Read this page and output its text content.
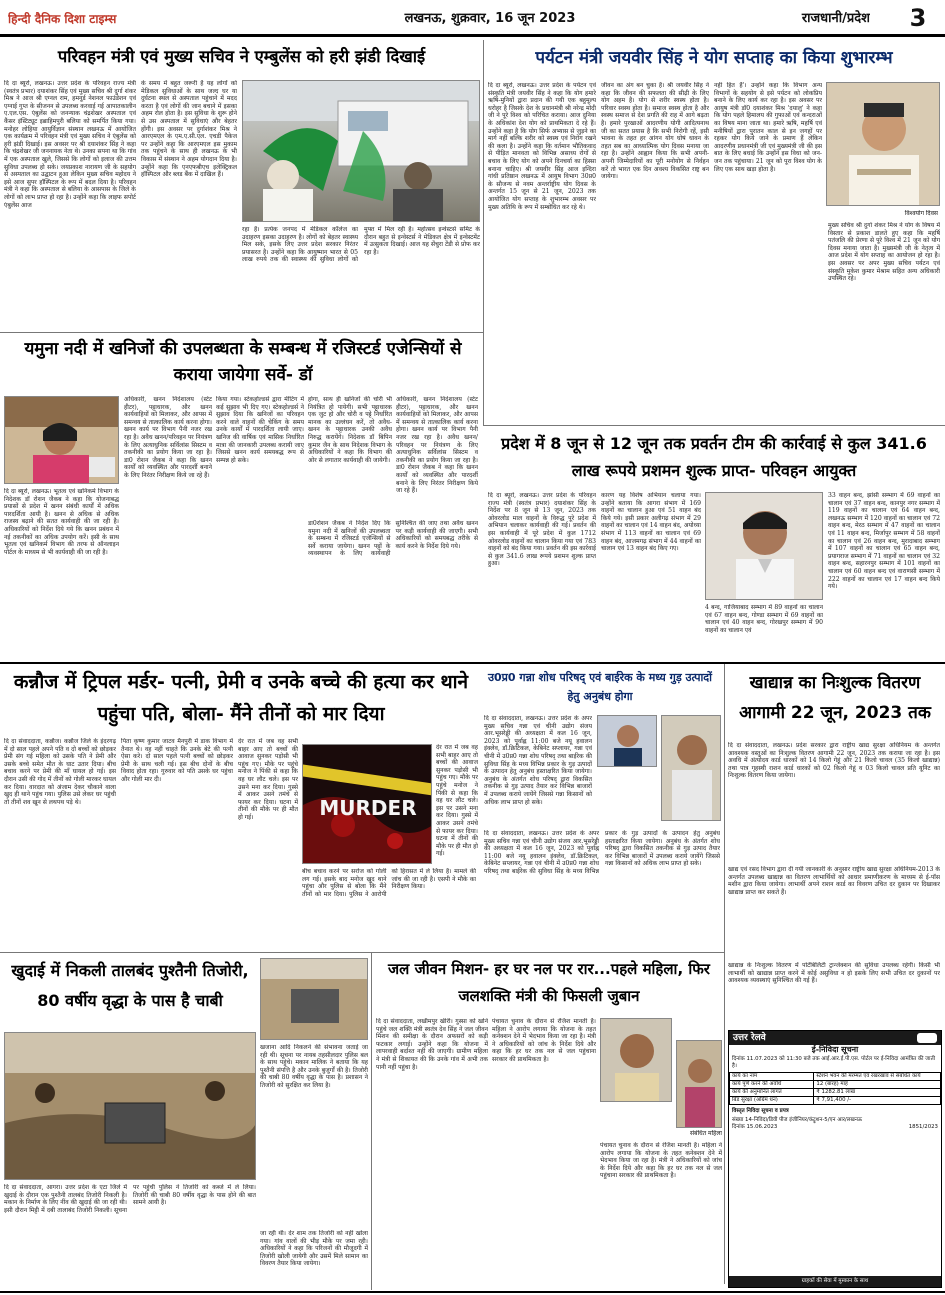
हिन्दी दैनिक दिशा टाइम्स	लखनऊ, शुक्रवार, 16 जून 2023	राजधानी/प्रदेश	3
परिवहन मंत्री एवं मुख्य सचिव ने एम्बुलेंस को हरी झंडी दिखाई
दि दा ब्यूरो, लखनऊ। उत्तर प्रदेश के परिवहन राज्य मंत्री (स्वतंत्र प्रभार) दयाशंकर सिंह एवं मुख्य सचिव श्री दुर्गा शंकर मिश्र ने आज श्री एग्नल राम, हमनूर्ड नेशनल फाउंडेशन एवं एग्नाई गुप्त के सीजनन से उपलब्ध करवाई गई आपातकालीन ए.एल.एस. एंबुलेंस को जनन्याक चंद्रशेखर अस्पताल एवं कैंसर इंस्टिट्यूट इब्राहिमपुरी बलिया को समर्पित किया गया। मनोहर लोहिया आयुर्विज्ञान संस्थान लखनऊ में आयोजित एक कार्यक्रम में परिवहन मंत्री एवं मुख्य सचिव ने एंबुलेंस को हरी झंडी दिखाई। इस अवसर पर श्री दयाशंकर सिंह ने कहा कि चंद्रशेखर जी जननायक नेता थे। उनका सपना था कि गांव में एक अस्पताल खुले, जिससे कि लोगों को इलाज की उत्तम सुविधा उपलब्ध हो सके। जयप्रकाश नारायण जी के सहयोग से अस्पताल का उद्घाटन हुआ लेकिन मुख्य सचिव महोदय ने इसे आज सुपर हॉस्पिटल के रूप में बदल दिया है। परिवहन मंत्री ने कहा कि अस्पताल से बलिया के आसपास के जिले के लोगों को लाभ प्राप्त हो रहा है। उन्होंने कहा कि लाइफ सपोर्ट एंबुलेंस आज
के समय में बहुत जरूरी है यह लोगों को मेडिकल सुविधाओं के साथ जल्द घर या दुर्घटना स्थल से अस्पताल पहुंचाने में मदद करता है एवं लोगों की जान बचाने में इसका अहम रोल होता है। इस सुविधा के शुरू होने से उस अस्पताल में सुविधाएं और बेहतर होंगी। इस अवसर पर दुर्गाशंकर मिश्र ने आरएमएल के एम.ए.सी.एल. एचडी पैकेज पर उन्होंने कहा कि आरएमएल इस मुकाम तक पहुंचने के साथ ही लखनऊ के भी विकास में संस्थान ने अहम योगदान दिया है। उन्होंने कहा कि एनएफबीएच इलेक्ट्रिकल हॉस्पिटल और ब्लड बैंक में दाखिल हैं।
रहा है। प्रत्येक जनपद में मेडिकल कॉलेज का उदाहरण इसका उदाहरण है। लोगों को बेहतर स्वास्थ्य मिल सके, इसके लिए उत्तर प्रदेश सरकार निरंतर प्रयासरत है। उन्होंने कहा कि आयुष्मान भारत से 05 लाख रुपये तक की स्वास्थ्य की सुविधा लोगों को मुफ्त में मिल रही है। महोत्सव इन्वेस्टर्स समिट के दौरान बहुत से इन्वेस्टर्स ने मेडिकल क्षेत्र में इन्वेस्टमेंट में उत्सुकता दिखाई। आज यह सेंचुरा टेंडी से प्रोफ कर रहा है।
पर्यटन मंत्री जयवीर सिंह ने योग सप्ताह का किया शुभारम्भ
दि दा ब्यूरो, लखनऊ। उत्तर प्रदेश के पर्यटन एवं संस्कृति मंत्री जयवीर सिंह ने कहा कि योग हमारे ऋषि-मुनियों द्वारा प्रदान की गयी एक बहुमूल्य धरोहर है जिसके देश के प्रधानमंत्री श्री नरेन्द्र मोदी जी ने पूरे विश्व को परिचित कराया। आज दुनिया के अधिकांश देश योग को प्राथमिकता दे रहे हैं। उन्होंने कहा है कि योग सिर्फ अभ्यास से जुड़ने का मार्ग नहीं बल्कि शरीर को स्वस्थ एवं निरोग रखने की कला है। उन्होंने कहा कि वर्तमान भौतिकवाद से पीड़ित मानवता को विभिन्न असाध्य रोगों से बचाव के लिए योग को अपने दिनचर्या का हिस्सा बनाना चाहिए। श्री जयवीर सिंह आज इन्दिरा गांधी प्रतिष्ठान लखनऊ में आयुष विभाग 30प्र0 के सौजन्य से नवम अन्तर्राष्ट्रीय योग दिवस के अन्तर्गत 15 जून से 21 जून, 2023 तक आयोजित योग सप्ताह के शुभारम्भ अवसर पर मुख्य अतिथि के रूप में सम्बोधित कर रहे थे।
जीवन का अंग बन चुका है। श्री जयवीर सिंह ने कहा कि जीवन की सफलता की सीढ़ी के लिए योग अहम है। योग से शरीर स्वस्थ होता है। परिवार स्वस्थ होता है। समाज स्वस्थ होता है और स्वस्थ समाज से देश प्रगति की राह में आगे बढ़ता है। हमारे पुरखाओं आदरणीय योगी आदित्यनाथ जी का सतत प्रयास है कि सभी निरोगी रहें, इसी भावना के तहत हर आंगन योग घोषं धावन के तहत सब का आध्यात्मिक योग दिवस मनाया जा रहा है। उन्होंने आह्वान किया कि सभी अपनी-अपनी जिम्मेदारियों का पूरी मनोयोग से निर्वहन करें तो भारत एक दिन अवश्य विकसित राष्ट्र बन जायेगा।
नहीं हित हैं'। उन्होंने कहा कि विभाग अन्य विभागों के सहयोग से इसे पर्यटन को लोकप्रिय बनाने के लिए कार्य कर रहा है। इस अवसर पर आयुष मंत्री डॉ0 दयाशंकर मिश्र 'दयालु' ने कहा कि योग पहले हिमालय की गुफाओं एवं कन्दराओं का विषय माना जाता था। हमारे ऋषि, महर्षि एवं मनीषियों द्वारा पुरातन काल से इन जगहों पर रहकर योग किये जाने के प्रमाण हैं लेकिन आदरणीय प्रधानमंत्री जी एवं मुख्यमंत्री जी की इस बात के लिए बधाई कि उन्होंने इस विधा को जन-जन तक पहुंचाया। 21 जून को पूरा विश्व योग के लिए एक साथ खड़ा होता है।
विश्वयोग दिवस
मुख्य सचिव श्री दुर्गा शंकर मिश्र ने योग के विषय में विस्तार से प्रकाश डालते हुए कहा कि महर्षि पतंजलि की प्रेरणा से पूरे विश्व में 21 जून को योग दिवस मनाया जाता है। मुख्यमंत्री जी के नेतृत्व में आज प्रदेश में योग सप्ताह का आयोजन हो रहा है। इस अवसर पर अपर मुख्य सचिव पर्यटन एवं संस्कृति मुकेश कुमार मेश्राम सहित अन्य अधिकारी उपस्थित रहे।
यमुना नदी में खनिजों की उपलब्धता के सम्बन्ध में रजिस्टर्ड एजेन्सियों से कराया जायेगा सर्वे- डॉ
दि दा ब्यूरो, लखनऊ। भूतत्व एवं खनिकर्म विभाग के निदेशक डॉ रोशन जैकब ने कहा कि योजनाबद्ध प्रयासों से प्रदेश में खनन संबंधी कार्यों में अधिक पारदर्शिता आयी है। खनन से अधिक से अधिक राजस्व बढ़ाने की सतत कार्यवाही की जा रही है। अधिकारियों को निर्देश दिये गये कि खनन प्रबंधन में नई तकनीकों का अधिक उपयोग करें। इसी के साथ भूतत्व एवं खनिकर्म विभाग की तरफ से ऑनलाइन पोर्टल के माध्यम से भी कार्यवाही की जा रही है।
अधिकारी, खनन निदेशालय (स्टेट हीटर), पट्टाधारक, और खनन कार्यवाहियों को मिलाकर, और आपस में समन्वय से तात्कालिक कार्य करना होगा। खनन कार्य पर विभाग पैनी नजर रख रहा है। अवैध खनन/परिवहन पर नियंत्रण के लिए अत्याधुनिक सर्विलांस सिस्टम व तकनीकी का प्रयोग किया जा रहा है। डा0 रोशन जैकब ने कहा कि खनन कार्यों को व्यवस्थित और पारदर्शी बनाने के लिए निरंतर निरीक्षण किये जा रहे हैं।
किया गया। स्टेकहोल्डर्स द्वारा मीटिंग में कई सुझाव भी दिए गए। स्टेकहोल्डर्स ने सुझाव दिया कि खनिजों का परिवहन करने वाले वाहनों की चेकिंग के समय उनके कार्यों में पारदर्शिता लायी जाए। खनिज की वार्षिक एवं मासिक निर्धारित मात्रा की जानकारी उपलब्ध करायी जाए जिससे खनन कार्य समयबद्ध रूप से सम्पन्न हो सके।
होगा, साथ ही खनिजों की चोरी भी नियंत्रित हो पायेगी। सभी पट्टाधारक एक जुट हो और चोरी व पट्टे निर्धारित मानक का उल्लंघन करें, तो अवैध-खनन के पट्टाधारक उनकी अवैध निरुद्ध करायेंगे। निदेशक डॉ बिपिन कुमार जैन के साथ निदेशक विभाग के अधिकारियों ने कहा कि विभाग की ओर से लगातार कार्यवाही की जायेगी।
डा0रोशन जैकब ने निर्देश दिए कि यमुना नदी में खनिजों की उपलब्धता के सम्बन्ध में रजिस्टर्ड एजेन्सियों से सर्वे कराया जायेगा। खनन पट्टों के व्यवस्थापन के लिए कार्यवाही सुनिश्चित की जाए तथा अवैध खनन पर कड़ी कार्यवाही की जाएगी। सभी अधिकारियों को समयबद्ध तरीके से कार्य करने के निर्देश दिये गये।
अधिकारी, खनन निदेशालय (स्टेट हीटर), पट्टाधारक, और खनन कार्यवाहियों को मिलाकर, और आपस में समन्वय से तात्कालिक कार्य करना होगा। खनन कार्य पर विभाग पैनी नजर रख रहा है। अवैध खनन/परिवहन पर नियंत्रण के लिए अत्याधुनिक सर्विलांस सिस्टम व तकनीकी का प्रयोग किया जा रहा है। डा0 रोशन जैकब ने कहा कि खनन कार्यों को व्यवस्थित और पारदर्शी बनाने के लिए निरंतर निरीक्षण किये जा रहे हैं।
प्रदेश में 8 जून से 12 जून तक प्रवर्तन टीम की कार्रवाई से कुल 341.6 लाख रूपये प्रशमन शुल्क प्राप्त- परिवहन आयुक्त
दि दा ब्यूरो, लखनऊ। उत्तर प्रदेश के परिवहन राज्य मंत्री (स्वतंत्र प्रभार) दयाशंकर सिंह के निर्देश पर 8 जून से 13 जून, 2023 तक ओवरलोड माल वाहनों के विरुद्ध पूरे प्रदेश में अभियान चलाकर कार्यवाही की गई। प्रवर्तन की इस कार्यवाही में पूरे प्रदेश में कुल 1712 ओवरलोड वाहनों का चालान किया गया एवं 783 वाहनों को बंद किया गया। प्रवर्तन की इस कार्रवाई से कुल 341.6 लाख रूपये प्रशमन शुल्क प्राप्त हुआ।
कारण यह विशेष अभियान चलाया गया। उन्होंने बताया कि आगरा संभाग में 169 वाहनों का चालान हुआ एवं 51 वाहन बंद किये गये। इसी प्रकार अलीगढ़ संभाग में 29 वाहनों का चालान एवं 14 वाहन बंद, अयोध्या संभाग में 113 वाहनों का चालान एवं 69 वाहन बंद, आजमगढ़ संभाग में 44 वाहनों का चालान एवं 13 वाहन बंद किए गए।
4 बन्द, गाजियाबाद सम्भाग में 89 वाहनों का चालान एवं 67 वाहन बन्द, गोण्डा सम्भाग में 69 वाहनों का चालान एवं 40 वाहन बन्द, गोरखपुर सम्भाग में 90 वाहनों का चालान एवं
33 वाहन बन्द, झांसी सम्भाग में 69 वाहनों का चालान एवं 37 वाहन बन्द, कानपुर नगर सम्भाग में 119 वाहनों का चालान एवं 64 वाहन बन्द, लखनऊ सम्भाग में 120 वाहनों का चालान एवं 72 वाहन बन्द, मेरठ सम्भाग में 47 वाहनों का चालान एवं 11 वाहन बन्द, मिर्जापुर सम्भाग में 58 वाहनों का चालान एवं 26 वाहन बन्द, मुरादाबाद सम्भाग में 107 वाहनों का चालान एवं 65 वाहन बन्द, प्रयागराज सम्भाग में 71 वाहनों का चालान एवं 32 वाहन बन्द, सहारनपुर सम्भाग में 101 वाहनों का चालान एवं 60 वाहन बन्द एवं वाराणसी सम्भाग में 222 वाहनों का चालान एवं 17 वाहन बन्द किये गये।
कन्नौज में ट्रिपल मर्डर- पत्नी, प्रेमी व उनके बच्चे की हत्या कर थाने पहुंचा पति, बोला- मैंने तीनों को मार दिया
दि दा संवाददाता, कन्नौज। कन्नौज जिले के इंदरगढ़ में दो साल पहले अपने पति व दो बच्चों को छोड़कर प्रेमी संग गई महिला को उसके पति ने प्रेमी और उसके बच्चे समेत मौत के घाट उतार दिया। बीच बचाव करने पर प्रेमी की माँ घायल हो गई। इस दौरान उसी की गोद में तीनों को गोली मारकर घायल कर दिया। वारदात को अंजाम देकर चौकाने वाला खुद ही थाने पहुंच गया। पुलिस उसे लेकर घर पहुंची तो तीनों शव खून से लथपथ पड़े थे।
पिता कृष्ण कुमार जाटव मैनपुरी में डाक विभाग में तैनात थे। वह नहीं चाहते कि उनके बेटे की पत्नी ऐसा करे। दो साल पहले पत्नी बच्चों को छोड़कर प्रेमी के साथ चली गई। इस बीच दोनों के बीच विवाद होता रहा। गुरुवार को पति उसके घर पहुंचा और गोली मार दी।
देर रात में जब वह सभी बाहर आए तो बच्चों की आवाज सुनकर पड़ोसी भी पहुंच गए। मौके पर पहुंचे मनोज ने पिंकी से कहा कि वह घर लौट चले। इस पर उसने मना कर दिया। गुस्से में आकर उसने तमंचे से फायर कर दिया। घटना में तीनों की मौके पर ही मौत हो गई।	MURDER
बीच बचाव करने पर सरोज को गोली लग गई। इसके बाद मनोज खुद थाने पहुंचा और पुलिस से बोला कि मैंने तीनों को मार दिया। पुलिस ने आरोपी को हिरासत में ले लिया है। मामले की जांच की जा रही है। एसपी ने मौके का निरीक्षण किया।
देर रात में जब वह सभी बाहर आए तो बच्चों की आवाज सुनकर पड़ोसी भी पहुंच गए। मौके पर पहुंचे मनोज ने पिंकी से कहा कि वह घर लौट चले। इस पर उसने मना कर दिया। गुस्से में आकर उसने तमंचे से फायर कर दिया। घटना में तीनों की मौके पर ही मौत हो गई।
उ0प्र0 गन्ना शोध परिषद् एवं बाईरेक के मध्य गुड़ उत्पादों हेतु अनुबंध होगा
दि दा संवाददाता, लखनऊ। उत्तर प्रदेश के अपर मुख्य सचिव गन्ना एवं चीनी उद्योग संजय आर.भूसरेड्डी की अध्यक्षता में कल 16 जून, 2023 को पूर्वाह्न 11:00 बजे नयू हवालन इंक्लेव, डॉ.क्रिटिकल, केबिनेट सप्लायर, गन्ना एवं चीनी में उ0प्र0 गन्ना शोध परिषद् तथा बाईरेक की सुविधा सिंह के मध्य विभिन्न प्रकार के गुड़ उत्पादों के उत्पादन हेतु अनुबंध हस्ताक्षरित किया जायेगा। अनुबंध के अंतर्गत शोध परिषद् द्वारा विकसित तकनीक से गुड़ उत्पाद तैयार कर विभिन्न बाजारों में उपलब्ध कराये जायेंगे जिससे गन्ना किसानों को अधिक लाभ प्राप्त हो सके।
दि दा संवाददाता, लखनऊ। उत्तर प्रदेश के अपर मुख्य सचिव गन्ना एवं चीनी उद्योग संजय आर.भूसरेड्डी की अध्यक्षता में कल 16 जून, 2023 को पूर्वाह्न 11:00 बजे नयू हवालन इंक्लेव, डॉ.क्रिटिकल, केबिनेट सप्लायर, गन्ना एवं चीनी में उ0प्र0 गन्ना शोध परिषद् तथा बाईरेक की सुविधा सिंह के मध्य विभिन्न प्रकार के गुड़ उत्पादों के उत्पादन हेतु अनुबंध हस्ताक्षरित किया जायेगा। अनुबंध के अंतर्गत शोध परिषद् द्वारा विकसित तकनीक से गुड़ उत्पाद तैयार कर विभिन्न बाजारों में उपलब्ध कराये जायेंगे जिससे गन्ना किसानों को अधिक लाभ प्राप्त हो सके।
खाद्यान्न का निःशुल्क वितरण आगामी 22 जून, 2023 तक
दि दा संवाददाता, लखनऊ। प्रदेश सरकार द्वारा राष्ट्रीय खाद्य सुरक्षा अधिनियम के अन्तर्गत आवश्यक वस्तुओं का निःशुल्क वितरण आगामी 22 जून, 2023 तक कराया जा रहा है। इस अवधि में अंत्योदय कार्ड धारकों को 14 किलो गेहूं और 21 किलो चावल (35 किलो खाद्यान्न) तथा पात्र गृहस्थी राशन कार्ड धारकों को 02 किलो गेहूं व 03 किलो चावल प्रति यूनिट का निःशुल्क वितरण किया जायेगा।
खाद्य एवं रसद विभाग द्वारा दी गयी जानकारी के अनुसार राष्ट्रीय खाद्य सुरक्षा अधिनियम-2013 के अन्तर्गत उपलब्ध खाद्यान्न का वितरण लाभार्थियों को आधार प्रमाणीकरण के माध्यम से ई-पॉस मशीन द्वारा किया जायेगा। लाभार्थी अपने राशन कार्ड का विवरण उचित दर दुकान पर दिखाकर खाद्यान्न प्राप्त कर सकते हैं।
खाद्यान्न के निःशुल्क वितरण में पोर्टेबिलिटी ट्रान्जेक्शन की सुविधा उपलब्ध रहेगी। किसी भी लाभार्थी को खाद्यान्न प्राप्त करने में कोई असुविधा न हो इसके लिए सभी उचित दर दुकानों पर आवश्यक व्यवस्थाएं सुनिश्चित की गई हैं।
खुदाई में निकली तालबंद पुश्तैनी तिजोरी, 80 वर्षीय वृद्धा के पास है चाबी
दि दा संवाददाता, आगरा। उत्तर प्रदेश के एटा जिले में खुदाई के दौरान एक पुश्तैनी तालबंद तिजोरी निकली है। मकान के निर्माण के लिए नींव की खुदाई की जा रही थी। इसी दौरान मिट्टी में दबी तालाबंद तिजोरी निकली। सूचना पर पहुंची पुलिस ने तिजोरी को कब्जे में ले लिया। तिजोरी की चाबी 80 वर्षीय वृद्धा के पास होने की बात सामने आयी है।
खजाना आदि निकलने की संभावना जताई जा रही थी। सूचना पर नायब तहसीलदार पुलिस बल के साथ पहुंचे। मकान मालिक ने बताया कि यह पुश्तैनी संपत्ति है और उनके बुजुर्गों की है। तिजोरी की चाबी 80 वर्षीय वृद्धा के पास है। प्रशासन ने तिजोरी को सुरक्षित कर लिया है।
जा रही थी। देर शाम तक तिजोरी को नहीं खोला गया। गांव वालों की भीड़ मौके पर जमा रही। अधिकारियों ने कहा कि परिजनों की मौजूदगी में तिजोरी खोली जायेगी और उसमें मिले सामान का विवरण तैयार किया जायेगा।
जल जीवन मिशन- हर घर नल पर रार...पहले महिला, फिर जलशक्ति मंत्री की फिसली जुबान
दि दा संवाददाता, लखीमपुर खीरी। गुस्सा को खोने पहुंचे जल शक्ति मंत्री स्वतंत्र देव सिंह ने जल जीवन मिशन की समीक्षा के दौरान अफसरों को कड़ी फटकार लगाई। उन्होंने कहा कि योजना में लापरवाही बर्दाश्त नहीं की जाएगी। ग्रामीण महिला ने मंत्री से शिकायत की कि उनके गांव में अभी तक पानी नहीं पहुंचा है।
पंचायत चुनाव के दौरान से रंजिश मानती है। महिला ने आरोप लगाया कि योजना के तहत कनेक्शन देने में भेदभाव किया जा रहा है। मंत्री ने अधिकारियों को जांच के निर्देश दिये और कहा कि हर घर तक नल से जल पहुंचाना सरकार की प्राथमिकता है।
संबंधित महिला
पंचायत चुनाव के दौरान से रंजिश मानती है। महिला ने आरोप लगाया कि योजना के तहत कनेक्शन देने में भेदभाव किया जा रहा है। मंत्री ने अधिकारियों को जांच के निर्देश दिये और कहा कि हर घर तक नल से जल पहुंचाना सरकार की प्राथमिकता है।
उत्तर रेलवे
ई-निविदा सूचना
दिनांक 11.07.2023 को 11:30 बजे तक आई.आर.ई.पी.एस. पोर्टल पर ई-निविदा आमंत्रित की जाती है।
कार्य का नाम	स्टेशन भवन की मरम्मत एवं रखरखाव से संबंधित कार्य
कार्य पूर्ण करने की अवधि	12 (बारह) माह
कार्य की अनुमानित लागत	₹ 1282.81 लाख
बिड सुरक्षा (अग्रिम धन)	₹ 7,91,400 /-
विस्तृत निविदा सूचना व प्रपत्र
संख्या 14-निविदा/डिवी पीज इंजीनियर/कंट्रूशन-5/एन आर/लखनऊ
दिनांक 15.06.2023	1851/2023
ग्राहकों की सेवा में मुस्कान के साथ
